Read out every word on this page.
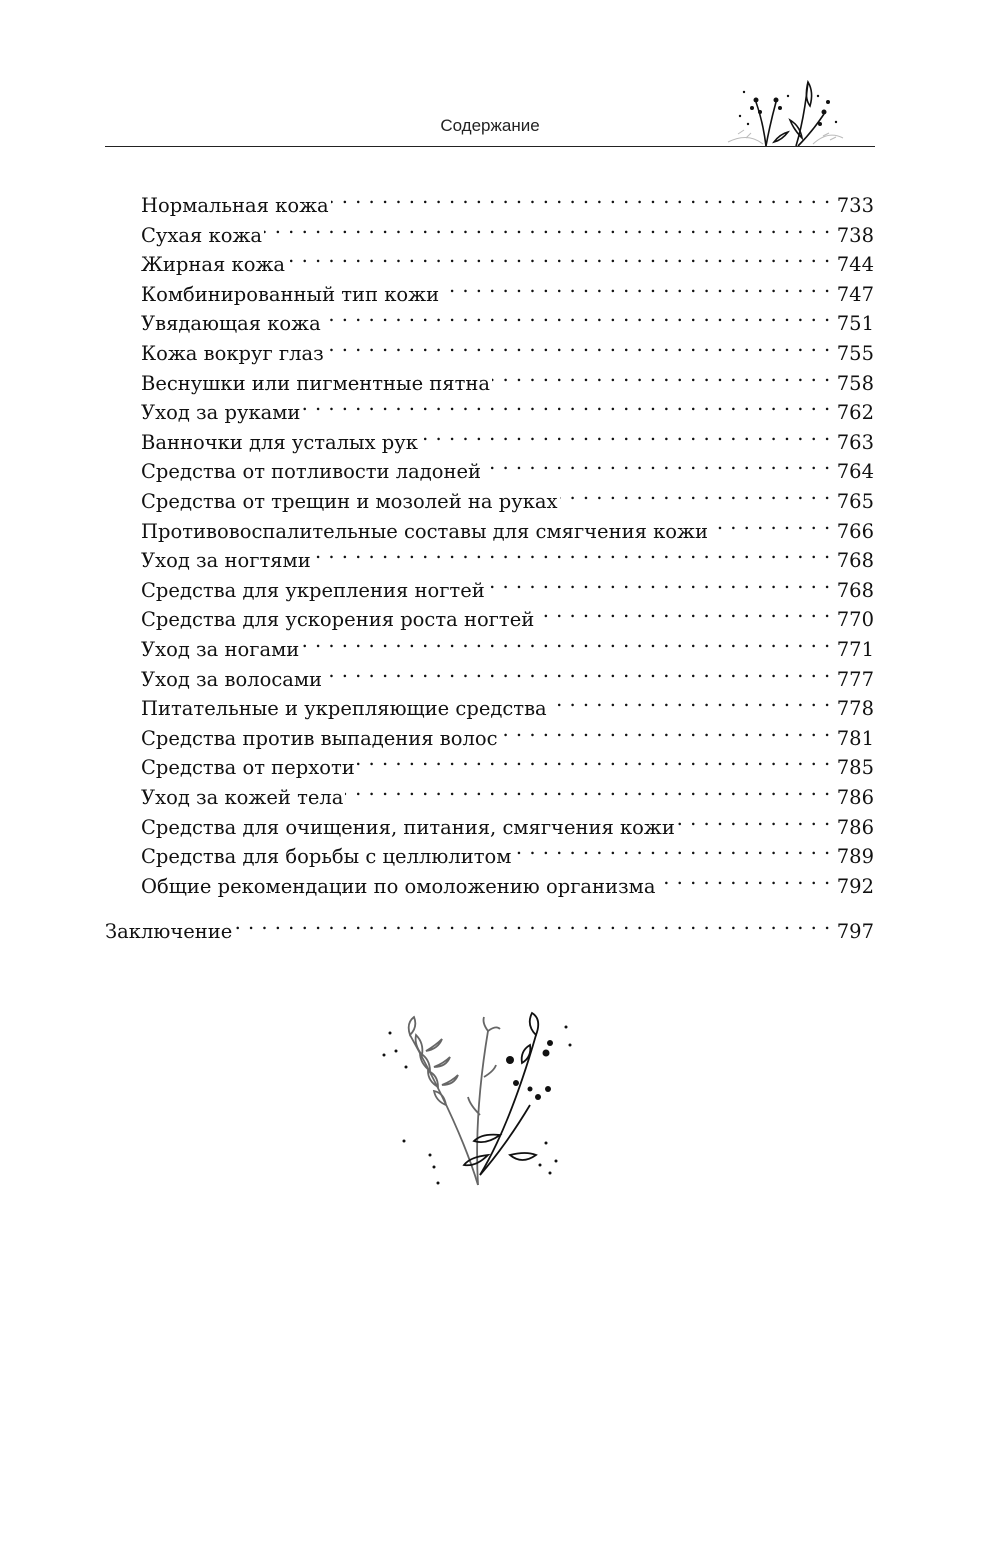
Содержание
Нормальная кожа . . .	733
Сухая кожа . . .	738
Жирная кожа . . .	744
Комбинированный тип кожи . . .	747
Увядающая кожа . . .	751
Кожа вокруг глаз . . .	755
Веснушки или пигментные пятна . . .	758
Уход за руками . . .	762
Ванночки для усталых рук . . .	763
Средства от потливости ладоней . . .	764
Средства от трещин и мозолей на руках . . .	765
Противовоспалительные составы для смягчения кожи . . .	766
Уход за ногтями . . .	768
Средства для укрепления ногтей . . .	768
Средства для ускорения роста ногтей . . .	770
Уход за ногами . . .	771
Уход за волосами . . .	777
Питательные и укрепляющие средства . . .	778
Средства против выпадения волос . . .	781
Средства от перхоти . . .	785
Уход за кожей тела . . .	786
Средства для очищения, питания, смягчения кожи . . .	786
Средства для борьбы с целлюлитом . . .	789
Общие рекомендации по омоложению организма . . .	792
Заключение . . .	797
